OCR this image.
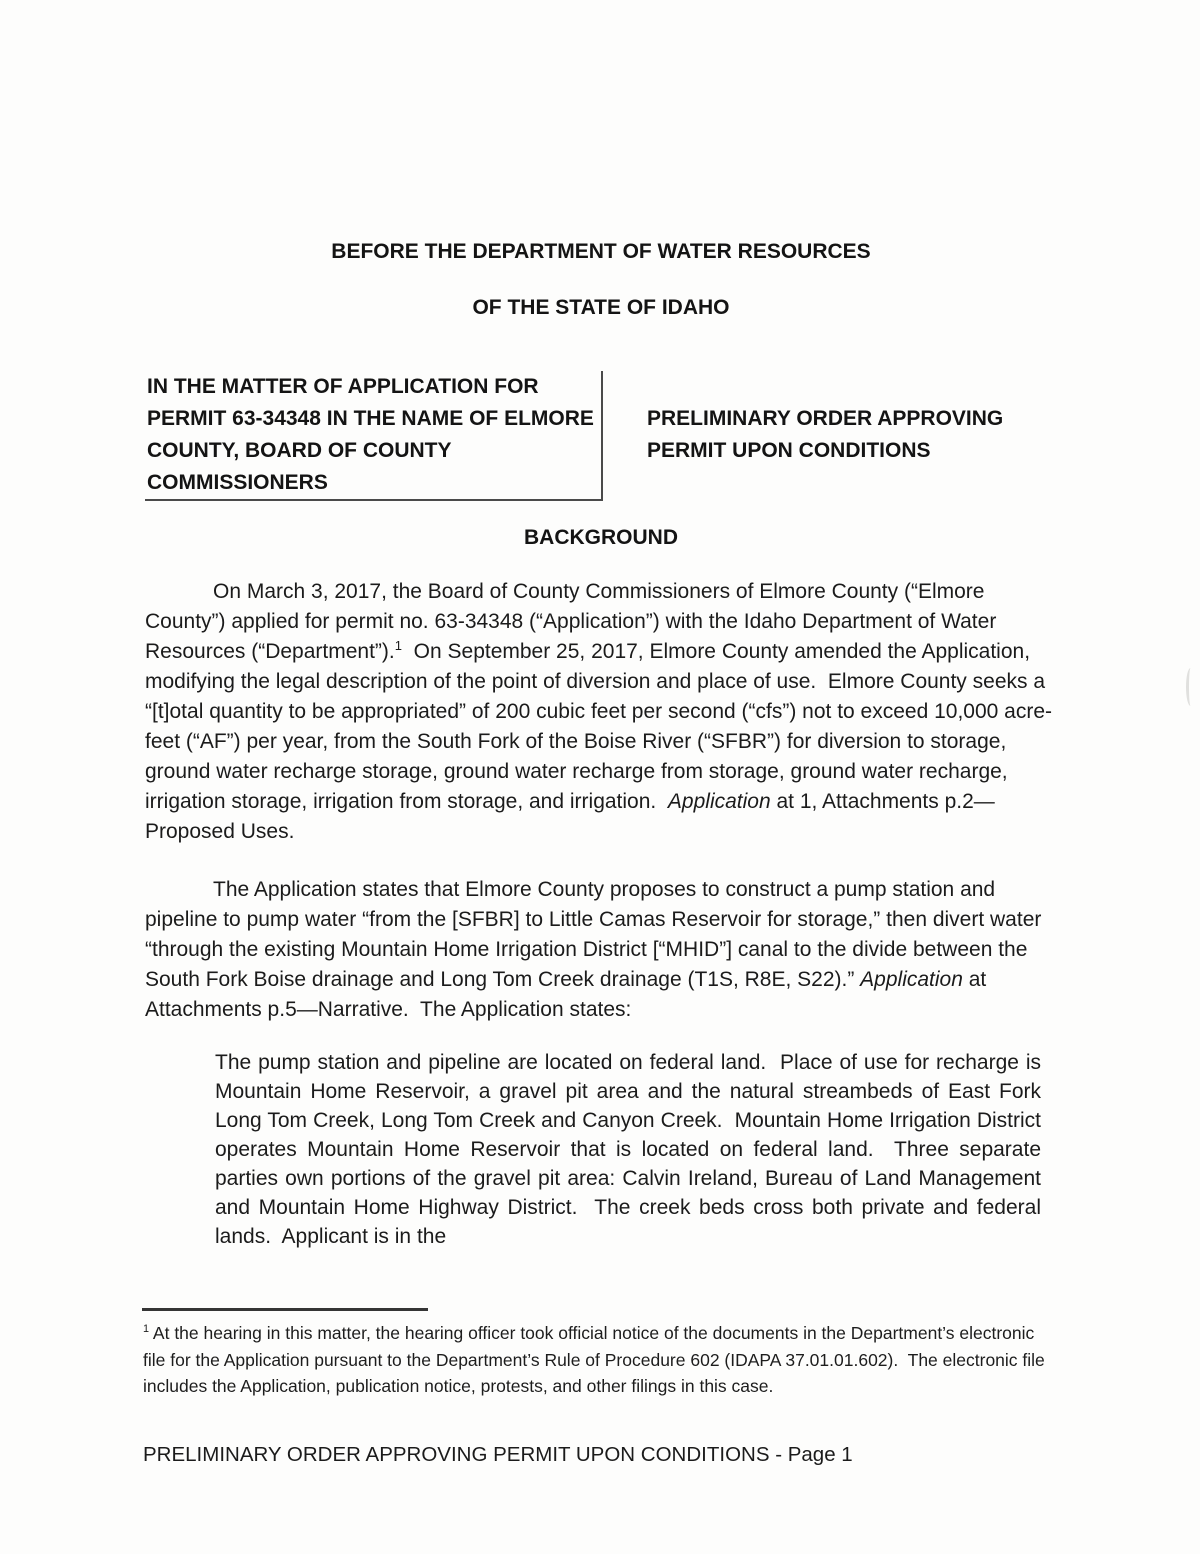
BEFORE THE DEPARTMENT OF WATER RESOURCES
OF THE STATE OF IDAHO
IN THE MATTER OF APPLICATION FOR
PERMIT 63-34348 IN THE NAME OF ELMORE
COUNTY, BOARD OF COUNTY
COMMISSIONERS
PRELIMINARY ORDER APPROVING
PERMIT UPON CONDITIONS
BACKGROUND
On March 3, 2017, the Board of County Commissioners of Elmore County (“Elmore County”) applied for permit no. 63-34348 (“Application”) with the Idaho Department of Water Resources (“Department”).$^1$  On September 25, 2017, Elmore County amended the Application, modifying the legal description of the point of diversion and place of use.  Elmore County seeks a “[t]otal quantity to be appropriated” of 200 cubic feet per second (“cfs”) not to exceed 10,000 acre-feet (“AF”) per year, from the South Fork of the Boise River (“SFBR”) for diversion to storage, ground water recharge storage, ground water recharge from storage, ground water recharge, irrigation storage, irrigation from storage, and irrigation.  Application at 1, Attachments p.2—Proposed Uses.
The Application states that Elmore County proposes to construct a pump station and pipeline to pump water “from the [SFBR] to Little Camas Reservoir for storage,” then divert water “through the existing Mountain Home Irrigation District [“MHID”] canal to the divide between the South Fork Boise drainage and Long Tom Creek drainage (T1S, R8E, S22).” Application at Attachments p.5—Narrative.  The Application states:
The pump station and pipeline are located on federal land.  Place of use for recharge is Mountain Home Reservoir, a gravel pit area and the natural streambeds of East Fork Long Tom Creek, Long Tom Creek and Canyon Creek.  Mountain Home Irrigation District operates Mountain Home Reservoir that is located on federal land.  Three separate parties own portions of the gravel pit area: Calvin Ireland, Bureau of Land Management and Mountain Home Highway District.  The creek beds cross both private and federal lands.  Applicant is in the
$^1$ At the hearing in this matter, the hearing officer took official notice of the documents in the Department’s electronic file for the Application pursuant to the Department’s Rule of Procedure 602 (IDAPA 37.01.01.602).  The electronic file includes the Application, publication notice, protests, and other filings in this case.
PRELIMINARY ORDER APPROVING PERMIT UPON CONDITIONS - Page 1
